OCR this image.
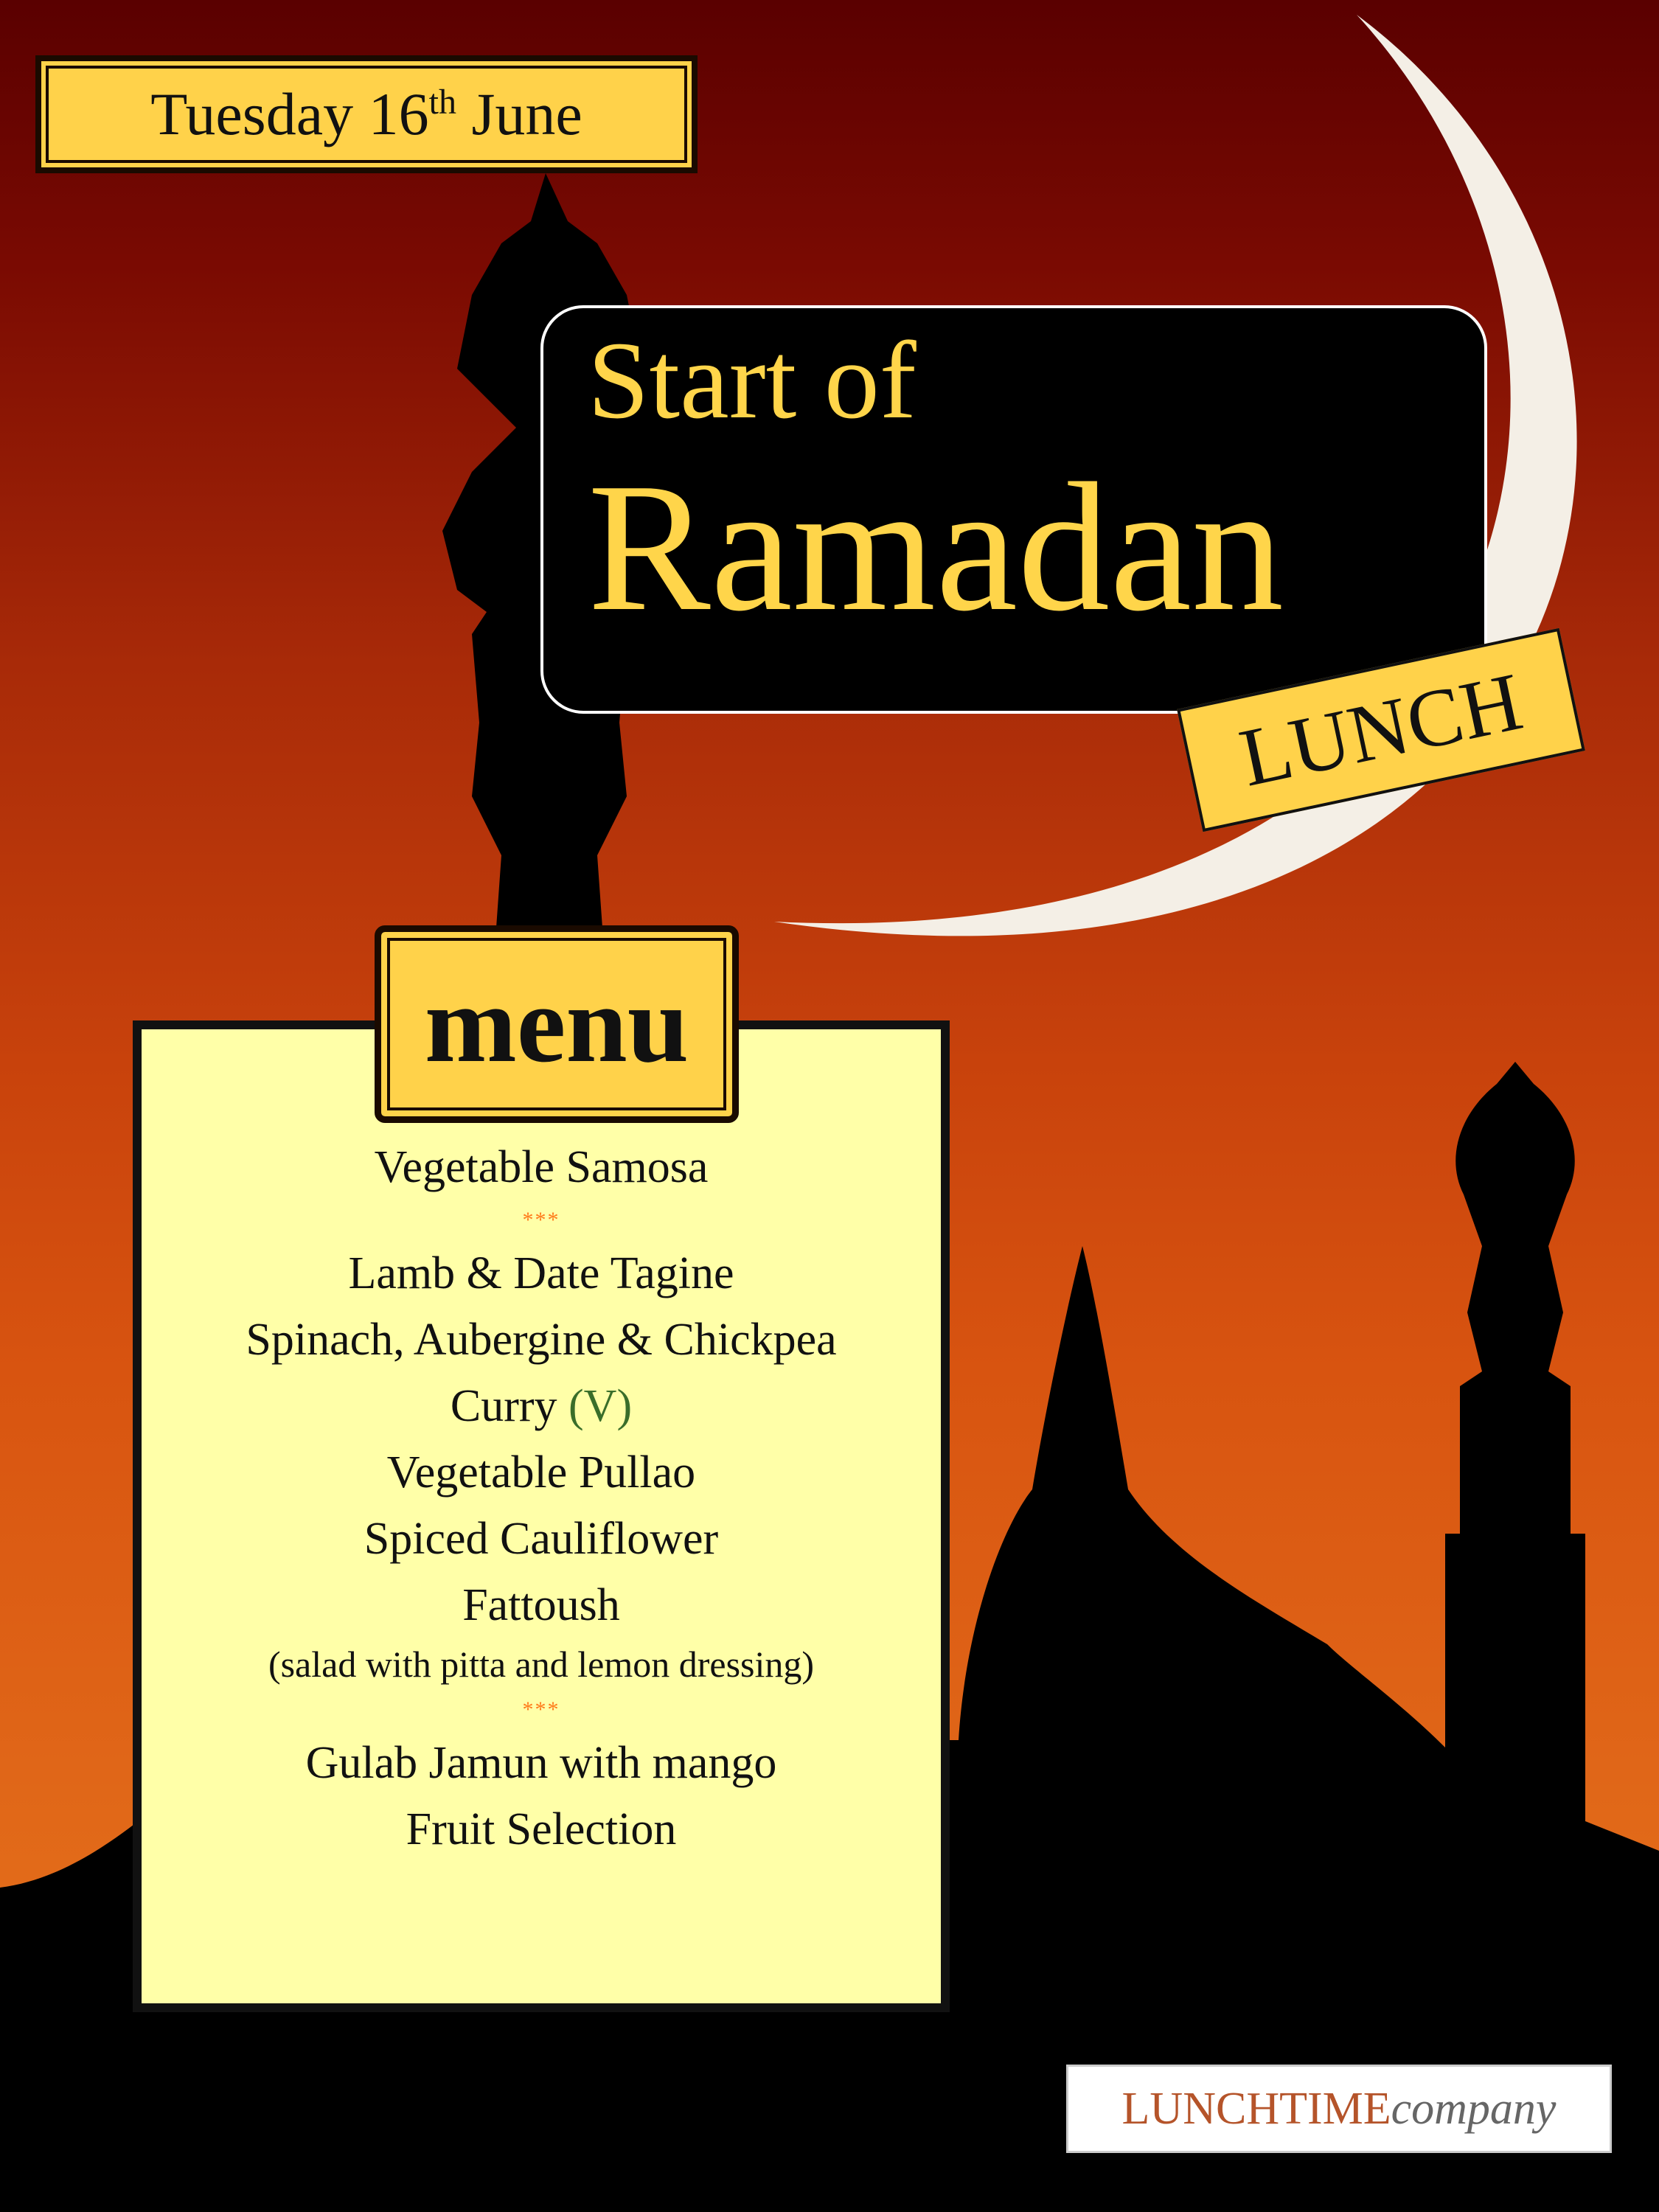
Tuesday 16th June
Start of
Ramadan
LUNCH
menu
Vegetable Samosa
***
Lamb & Date Tagine
Spinach, Aubergine & Chickpea
Curry (V)
Vegetable Pullao
Spiced Cauliflower
Fattoush
(salad with pitta and lemon dressing)
***
Gulab Jamun with mango
Fruit Selection
LUNCHTIME company
